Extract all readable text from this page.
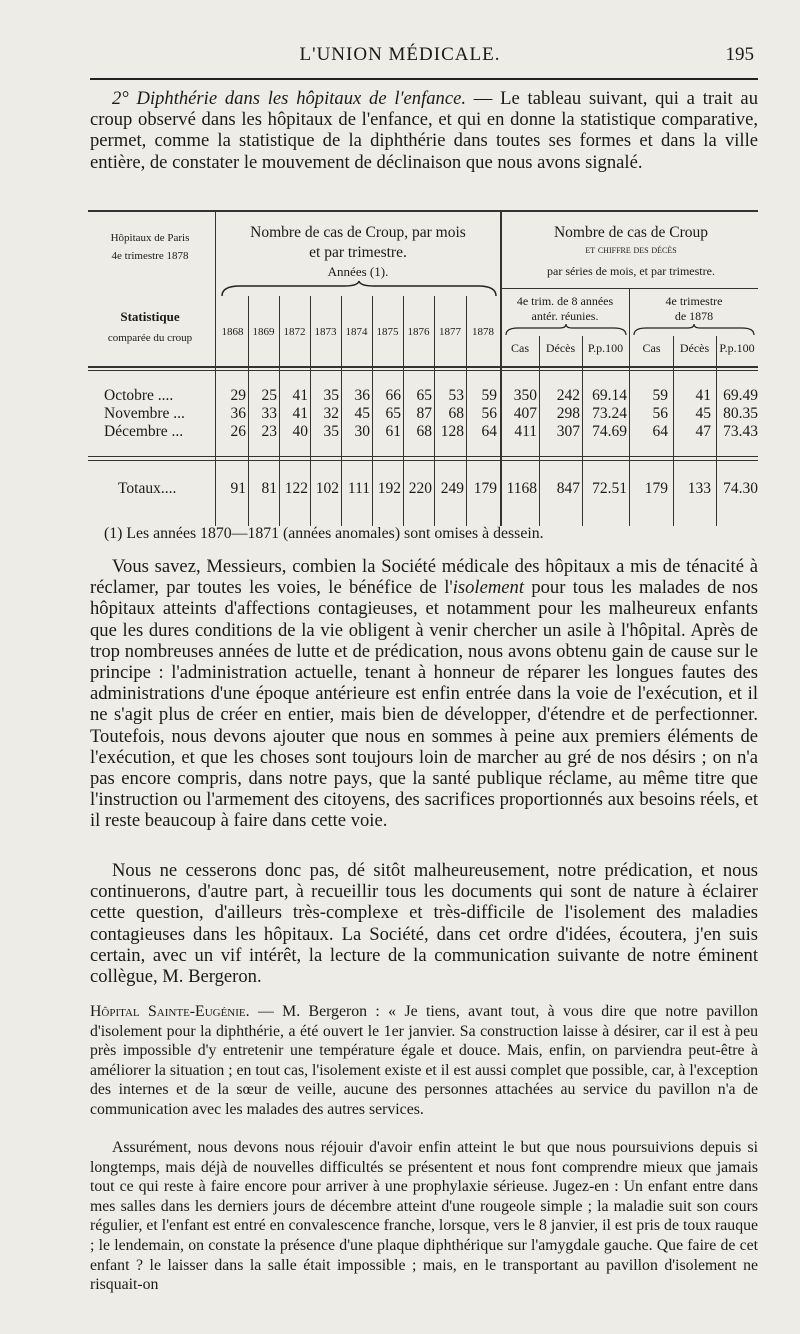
L'UNION MÉDICALE.	195

2° Diphthérie dans les hôpitaux de l'enfance. — Le tableau suivant, qui a trait au croup observé dans les hôpitaux de l'enfance, et qui en donne la statistique comparative, permet, comme la statistique de la diphthérie dans toutes ses formes et dans la ville entière, de constater le mouvement de déclinaison que nous avons signalé.

Hôpitaux de Paris
4e trimestre 1878
Statistique
comparée du croup
Nombre de cas de Croup, par mois
et par trimestre.
Années (1).
Nombre de cas de Croup
et chiffre des décès
par séries de mois, et par trimestre.
4e trim. de 8 années
antér. réunies.
4e trimestre
de 1878
1868 1869 1872 1873 1874 1875 1876 1877	1878
Cas	Décès	P.p.100	Cas	Décès P.p.100
Octobre ....	29	25	41	35	36	66	65	53	59	350	242 69.14	59	41 69.49
Novembre ...	36	33	41	32	45	65	87	68	56	407	298 73.24	56	45 80.35
Décembre ...	26	23	40	35	30	61	68 128	64	411	307 74.69	64	47 73.43
Totaux....	91	81 122 102 111 192 220 249 179 1168	847 72.51	179	133 74.30
(1) Les années 1870—1871 (années anomales) sont omises à dessein.

Vous savez, Messieurs, combien la Société médicale des hôpitaux a mis de ténacité à réclamer, par toutes les voies, le bénéfice de l'isolement pour tous les malades de nos hôpitaux atteints d'affections contagieuses, et notamment pour les malheureux enfants que les dures conditions de la vie obligent à venir chercher un asile à l'hôpital. Après de trop nombreuses années de lutte et de prédication, nous avons obtenu gain de cause sur le principe : l'administration actuelle, tenant à honneur de réparer les longues fautes des administrations d'une époque antérieure est enfin entrée dans la voie de l'exécution, et il ne s'agit plus de créer en entier, mais bien de développer, d'étendre et de perfectionner. Toutefois, nous devons ajouter que nous en sommes à peine aux premiers éléments de l'exécution, et que les choses sont toujours loin de marcher au gré de nos désirs ; on n'a pas encore compris, dans notre pays, que la santé publique réclame, au même titre que l'instruction ou l'armement des citoyens, des sacrifices proportionnés aux besoins réels, et il reste beaucoup à faire dans cette voie.

Nous ne cesserons donc pas, dé sitôt malheureusement, notre prédication, et nous continuerons, d'autre part, à recueillir tous les documents qui sont de nature à éclairer cette question, d'ailleurs très-complexe et très-difficile de l'isolement des maladies contagieuses dans les hôpitaux. La Société, dans cet ordre d'idées, écoutera, j'en suis certain, avec un vif intérêt, la lecture de la communication suivante de notre éminent collègue, M. Bergeron.

Hôpital Sainte-Eugénie. — M. Bergeron : « Je tiens, avant tout, à vous dire que notre pavillon d'isolement pour la diphthérie, a été ouvert le 1er janvier. Sa construction laisse à désirer, car il est à peu près impossible d'y entretenir une température égale et douce. Mais, enfin, on parviendra peut-être à améliorer la situation ; en tout cas, l'isolement existe et il est aussi complet que possible, car, à l'exception des internes et de la sœur de veille, aucune des personnes attachées au service du pavillon n'a de communication avec les malades des autres services.

Assurément, nous devons nous réjouir d'avoir enfin atteint le but que nous poursuivions depuis si longtemps, mais déjà de nouvelles difficultés se présentent et nous font comprendre mieux que jamais tout ce qui reste à faire encore pour arriver à une prophylaxie sérieuse. Jugez-en : Un enfant entre dans mes salles dans les derniers jours de décembre atteint d'une rougeole simple ; la maladie suit son cours régulier, et l'enfant est entré en convalescence franche, lorsque, vers le 8 janvier, il est pris de toux rauque ; le lendemain, on constate la présence d'une plaque diphthérique sur l'amygdale gauche. Que faire de cet enfant ? le laisser dans la salle était impossible ; mais, en le transportant au pavillon d'isolement ne risquait-on
